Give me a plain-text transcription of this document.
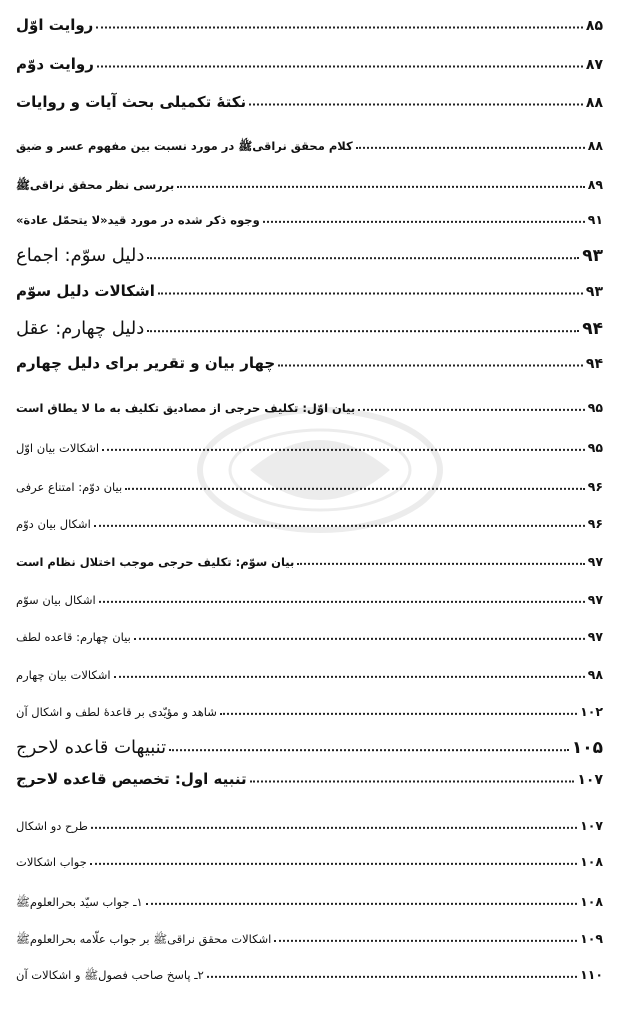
روایت اوّل	۸۵
روایت دوّم	۸۷
نکتهٔ تکمیلی بحث آیات و روایات	۸۸
کلام محقق نراقیﷺ در مورد نسبت بین مفهوم عسر و ضیق	۸۸
بررسی نظر محقق نراقیﷺ	۸۹
وجوه ذکر شده در مورد قید«لا یتحمّل عادة»	۹۱
دلیل سوّم: اجماع	۹۳
اشکالات دلیل سوّم	۹۳
دلیل چهارم: عقل	۹۴
چهار بیان و تقریر برای دلیل چهارم	۹۴
بیان اوّل: تکلیف حرجی از مصادیق تکلیف به ما لا یطاق است	۹۵
اشکالات بیان اوّل	۹۵
بیان دوّم: امتناع عرفی	۹۶
اشکال بیان دوّم	۹۶
بیان سوّم: تکلیف حرجی موجب اختلال نظام است	۹۷
اشکال بیان سوّم	۹۷
بیان چهارم: قاعده لطف	۹۷
اشکالات بیان چهارم	۹۸
شاهد و مؤیّدی بر قاعدهٔ لطف و اشکال آن	۱۰۲
تنبیهات قاعده لاحرج	۱۰۵
تنبیه اول: تخصیص قاعده لاحرج	۱۰۷
طرح دو اشکال	۱۰۷
جواب اشکالات	۱۰۸
۱ـ جواب سیّد بحرالعلومﷺ	۱۰۸
اشکالات محقق نراقیﷺ بر جواب علّامه بحرالعلومﷺ	۱۰۹
۲ـ پاسخ صاحب فصولﷺ و اشکالات آن	۱۱۰
